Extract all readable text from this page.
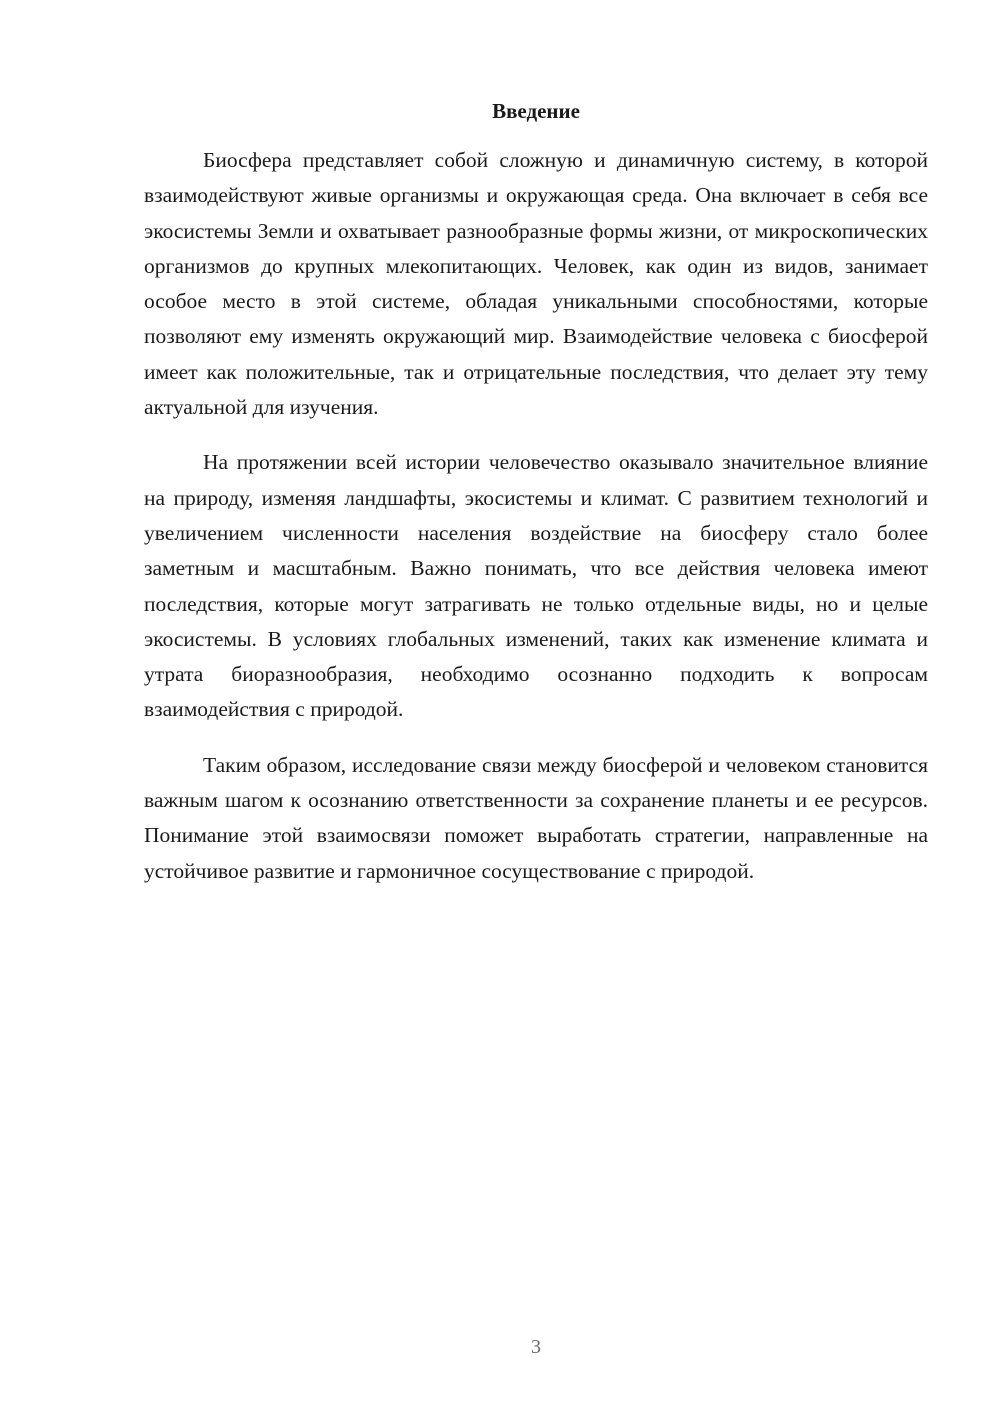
Введение

Биосфера представляет собой сложную и динамичную систему, в которой взаимодействуют живые организмы и окружающая среда. Она включает в себя все экосистемы Земли и охватывает разнообразные формы жизни, от микроскопических организмов до крупных млекопитающих. Человек, как один из видов, занимает особое место в этой системе, обладая уникальными способностями, которые позволяют ему изменять окружающий мир. Взаимодействие человека с биосферой имеет как положительные, так и отрицательные последствия, что делает эту тему актуальной для изучения.

На протяжении всей истории человечество оказывало значительное влияние на природу, изменяя ландшафты, экосистемы и климат. С развитием технологий и увеличением численности населения воздействие на биосферу стало более заметным и масштабным. Важно понимать, что все действия человека имеют последствия, которые могут затрагивать не только отдельные виды, но и целые экосистемы. В условиях глобальных изменений, таких как изменение климата и утрата биоразнообразия, необходимо осознанно подходить к вопросам взаимодействия с природой.

Таким образом, исследование связи между биосферой и человеком становится важным шагом к осознанию ответственности за сохранение планеты и ее ресурсов. Понимание этой взаимосвязи поможет выработать стратегии, направленные на устойчивое развитие и гармоничное сосуществование с природой.

3
